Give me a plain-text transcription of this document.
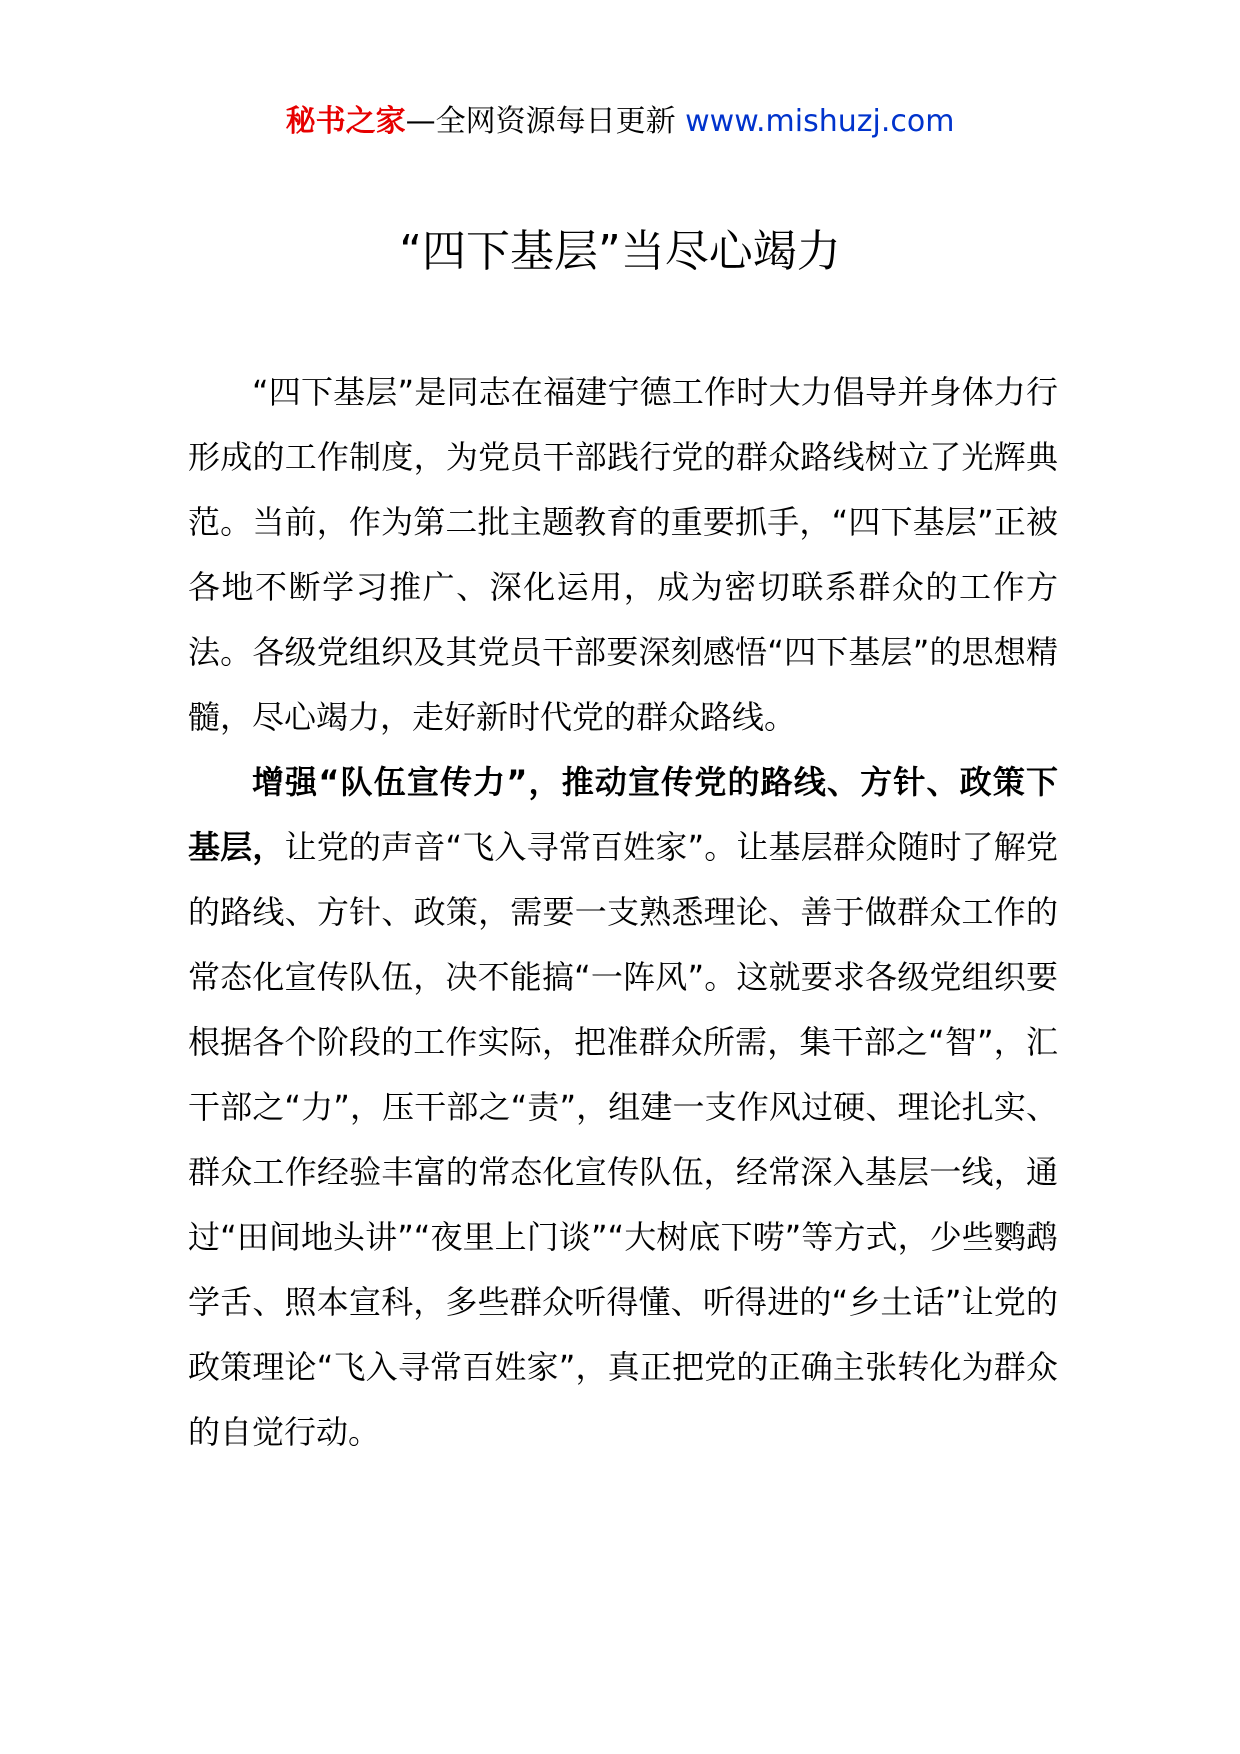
秘书之家—全网资源每日更新 www.mishuzj.com
“四下基层”当尽心竭力

“四下基层”是同志在福建宁德工作时大力倡导并身体力行形成的工作制度，为党员干部践行党的群众路线树立了光辉典范。当前，作为第二批主题教育的重要抓手，“四下基层”正被各地不断学习推广、深化运用，成为密切联系群众的工作方法。各级党组织及其党员干部要深刻感悟“四下基层”的思想精髓，尽心竭力，走好新时代党的群众路线。

增强“队伍宣传力”，推动宣传党的路线、方针、政策下基层，让党的声音“飞入寻常百姓家”。让基层群众随时了解党的路线、方针、政策，需要一支熟悉理论、善于做群众工作的常态化宣传队伍，决不能搞“一阵风”。这就要求各级党组织要根据各个阶段的工作实际，把准群众所需，集干部之“智”，汇干部之“力”，压干部之“责”，组建一支作风过硬、理论扎实、群众工作经验丰富的常态化宣传队伍，经常深入基层一线，通过“田间地头讲”“夜里上门谈”“大树底下唠”等方式，少些鹦鹉学舌、照本宣科，多些群众听得懂、听得进的“乡土话”让党的政策理论“飞入寻常百姓家”，真正把党的正确主张转化为群众的自觉行动。
